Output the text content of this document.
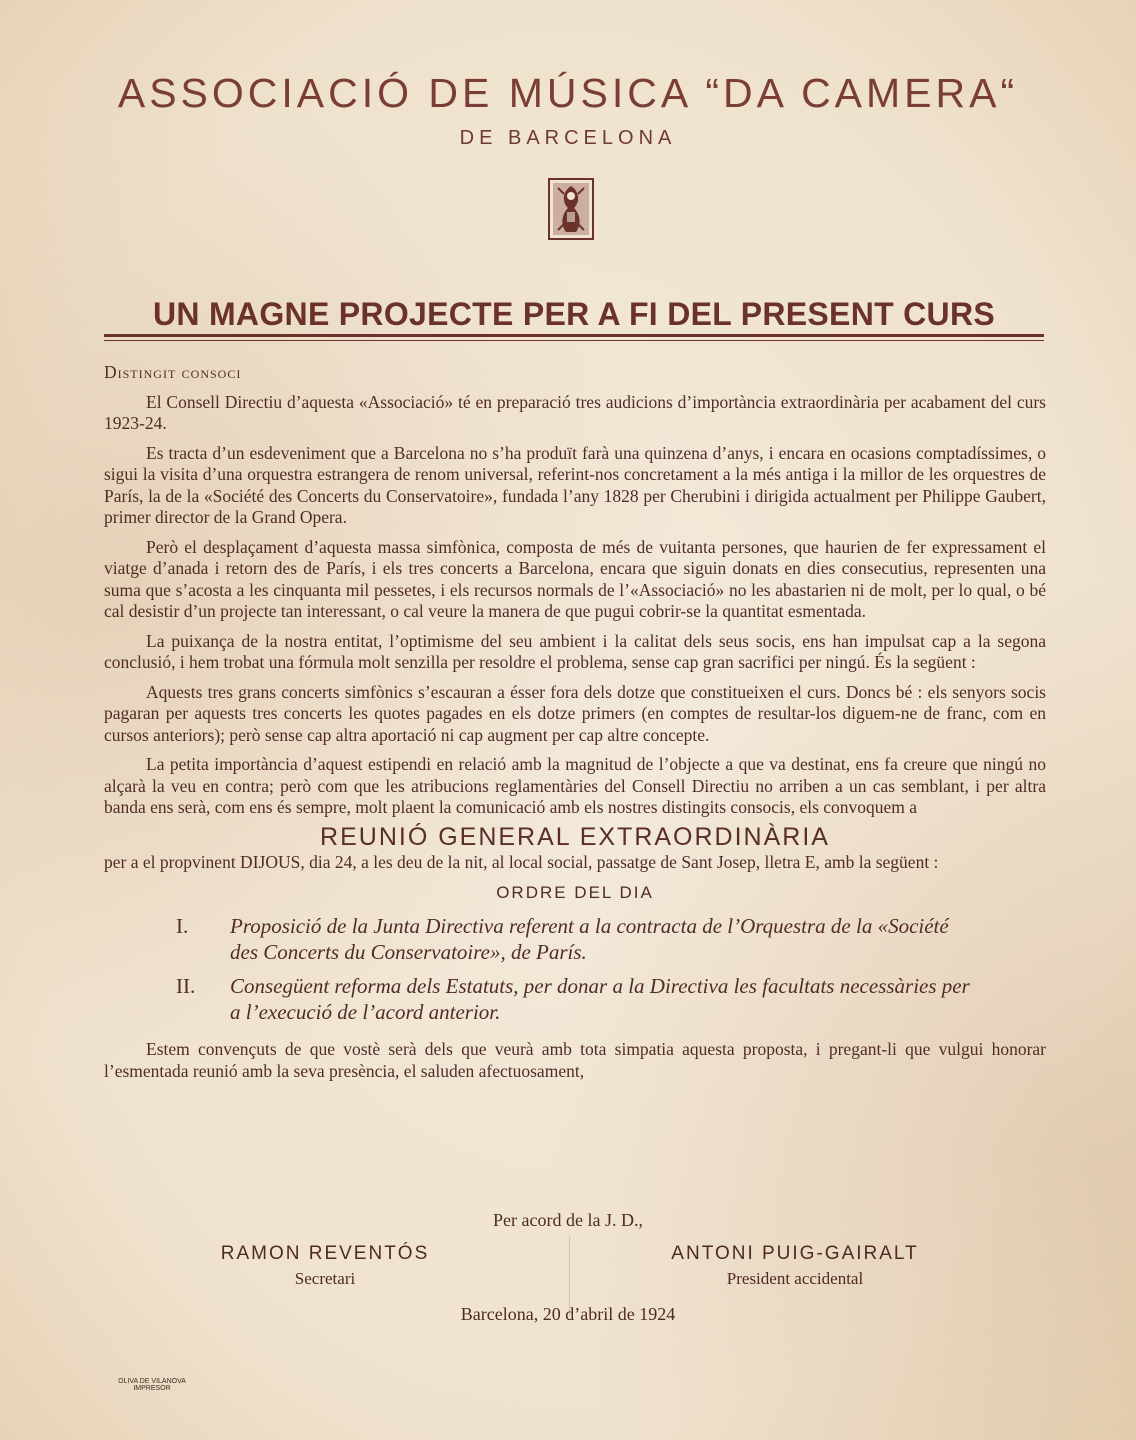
ASSOCIACIÓ DE MÚSICA “DA CAMERA“
DE BARCELONA
UN MAGNE PROJECTE PER A FI DEL PRESENT CURS

Distingit consoci

El Consell Directiu d’aquesta «Associació» té en preparació tres audicions d’importància extraordinària per acabament del curs 1923-24.

Es tracta d’un esdeveniment que a Barcelona no s’ha produït farà una quinzena d’anys, i encara en ocasions comptadíssimes, o sigui la visita d’una orquestra estrangera de renom universal, referint-nos concretament a la més antiga i la millor de les orquestres de París, la de la «Société des Concerts du Conservatoire», fundada l’any 1828 per Cherubini i dirigida actualment per Philippe Gaubert, primer director de la Grand Opera.

Però el desplaçament d’aquesta massa simfònica, composta de més de vuitanta persones, que haurien de fer expressament el viatge d’anada i retorn des de París, i els tres concerts a Barcelona, encara que siguin donats en dies consecutius, representen una suma que s’acosta a les cinquanta mil pessetes, i els recursos normals de l’«Associació» no les abastarien ni de molt, per lo qual, o bé cal desistir d’un projecte tan interessant, o cal veure la manera de que pugui cobrir-se la quantitat esmentada.

La puixança de la nostra entitat, l’optimisme del seu ambient i la calitat dels seus socis, ens han impulsat cap a la segona conclusió, i hem trobat una fórmula molt senzilla per resoldre el problema, sense cap gran sacrifici per ningú. És la següent :

Aquests tres grans concerts simfònics s’escauran a ésser fora dels dotze que constitueixen el curs. Doncs bé : els senyors socis pagaran per aquests tres concerts les quotes pagades en els dotze primers (en comptes de resultar-los diguem-ne de franc, com en cursos anteriors); però sense cap altra aportació ni cap augment per cap altre concepte.

La petita importància d’aquest estipendi en relació amb la magnitud de l’objecte a que va destinat, ens fa creure que ningú no alçarà la veu en contra; però com que les atribucions reglamentàries del Consell Directiu no arriben a un cas semblant, i per altra banda ens serà, com ens és sempre, molt plaent la comunicació amb els nostres distingits consocis, els convoquem a

REUNIÓ GENERAL EXTRAORDINÀRIA

per a el propvinent DIJOUS, dia 24, a les deu de la nit, al local social, passatge de Sant Josep, lletra E, amb la següent :

ORDRE DEL DIA
I.	Proposició de la Junta Directiva referent a la contracta de l’Orquestra de la «Société des Concerts du Conservatoire», de París.
II.	Consegüent reforma dels Estatuts, per donar a la Directiva les facultats necessàries per a l’execució de l’acord anterior.

Estem convençuts de que vostè serà dels que veurà amb tota simpatia aquesta proposta, i pregant-li que vulgui honorar l’esmentada reunió amb la seva presència, el saluden afectuosament,

Per acord de la J. D.,
RAMON REVENTÓS
Secretari
ANTONI PUIG-GAIRALT
President accidental
Barcelona, 20 d’abril de 1924
OLIVA DE VILANOVA
IMPRESOR
